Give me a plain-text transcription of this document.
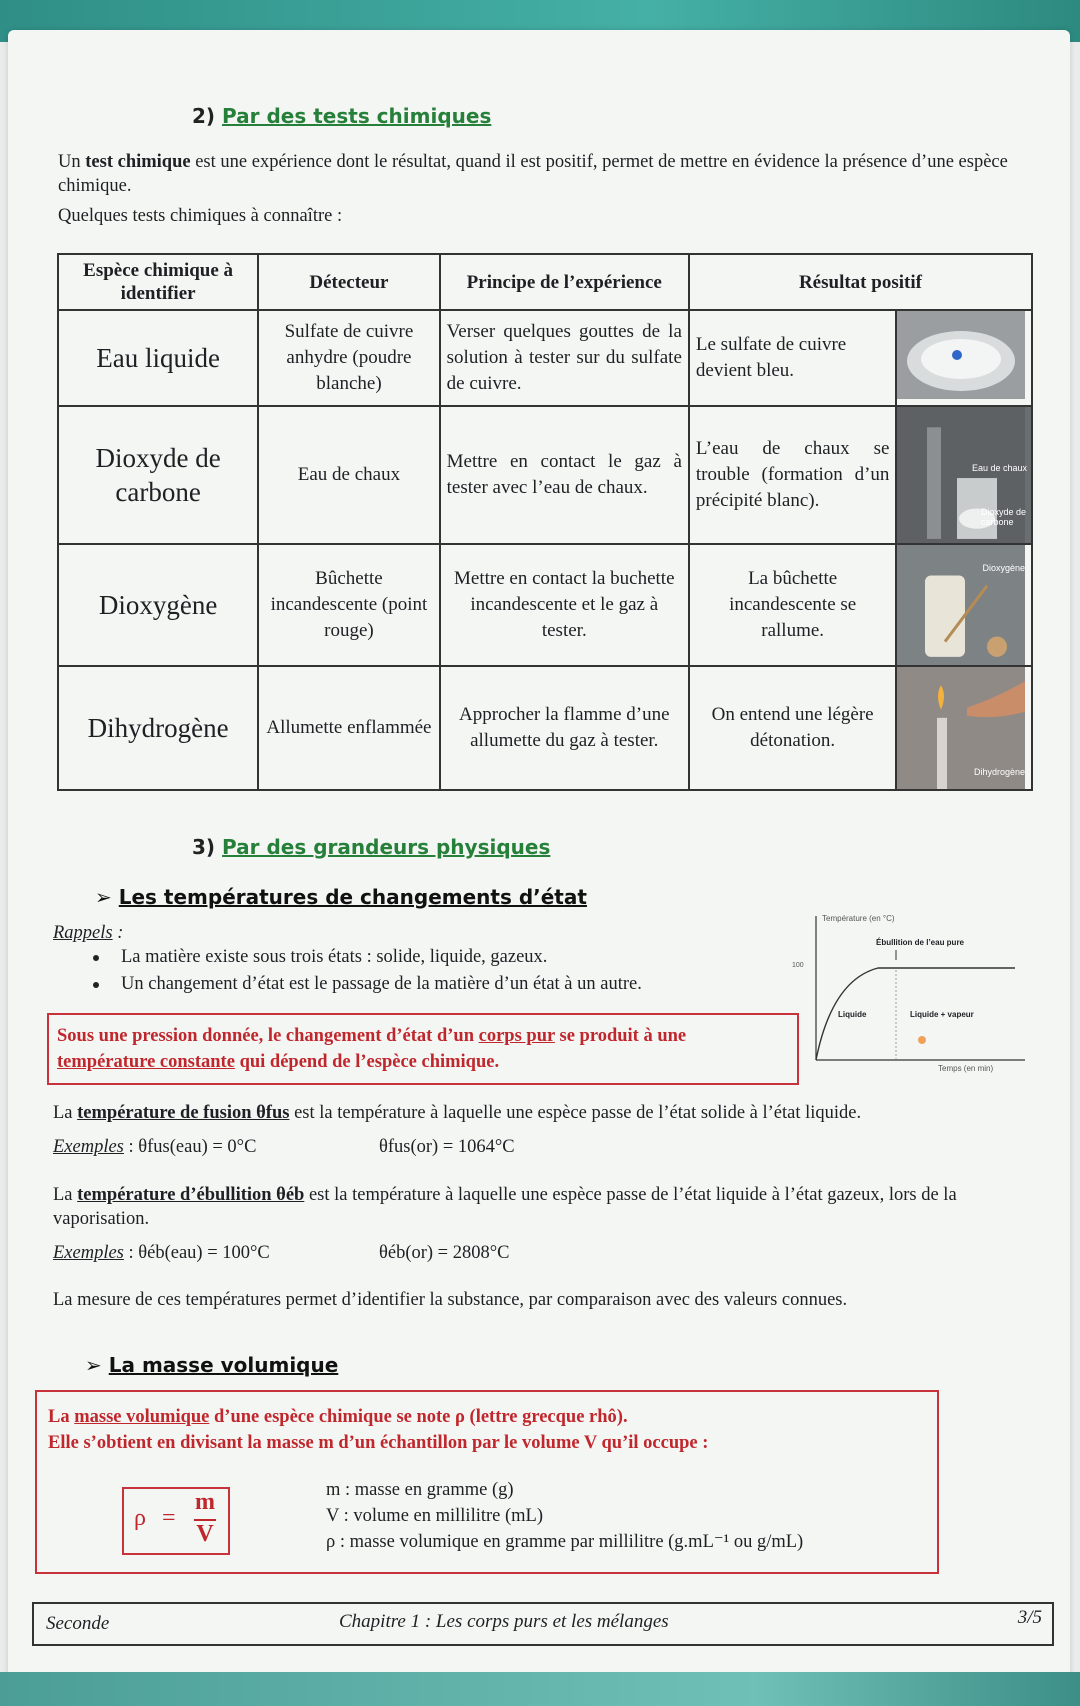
2) Par des tests chimiques
Un test chimique est une expérience dont le résultat, quand il est positif, permet de mettre en évidence la présence d’une espèce chimique.
Quelques tests chimiques à connaître :
Espèce chimique à identifier	Détecteur	Principe de l’expérience	Résultat positif	
Eau liquide	Sulfate de cuivre anhydre (poudre blanche)	Verser quelques gouttes de la solution à tester sur du sulfate de cuivre.	Le sulfate de cuivre devient bleu.	
Dioxyde de carbone	Eau de chaux	Mettre en contact le gaz à tester avec l’eau de chaux.	L’eau de chaux se trouble (formation d’un précipité blanc).	Eau de chaux
Dioxyde de carbone

Dioxygène	Bûchette incandescente (point rouge)	Mettre en contact la buchette incandescente et le gaz à tester.	La bûchette incandescente se rallume.	Dioxygène

Dihydrogène	Allumette enflammée	Approcher la flamme d’une allumette du gaz à tester.	On entend une légère détonation.	Dihydrogène
3) Par des grandeurs physiques
➢ Les températures de changements d’état
Rappels :
La matière existe sous trois états : solide, liquide, gazeux.
Un changement d’état est le passage de la matière d’un état à un autre.
Sous une pression donnée, le changement d’état d’un corps pur se produit à une température constante qui dépend de l’espèce chimique.
Température (en °C)
Ébullition de l’eau pure
100
Liquide	Liquide + vapeur
Temps (en min)
La température de fusion θfus est la température à laquelle une espèce passe de l’état solide à l’état liquide.
Exemples : θfus(eau) = 0°C	θfus(or) = 1064°C
La température d’ébullition θéb est la température à laquelle une espèce passe de l’état liquide à l’état gazeux, lors de la vaporisation.
Exemples : θéb(eau) = 100°C	θéb(or) = 2808°C
La mesure de ces températures permet d’identifier la substance, par comparaison avec des valeurs connues.
➢ La masse volumique
La masse volumique d’une espèce chimique se note ρ (lettre grecque rhô).
Elle s’obtient en divisant la masse m d’un échantillon par le volume V qu’il occupe :
ρ =
m
V
m : masse en gramme (g)
V : volume en millilitre (mL)
ρ : masse volumique en gramme par millilitre (g.mL⁻¹ ou g/mL)
Seconde	Chapitre 1 : Les corps purs et les mélanges	3/5
